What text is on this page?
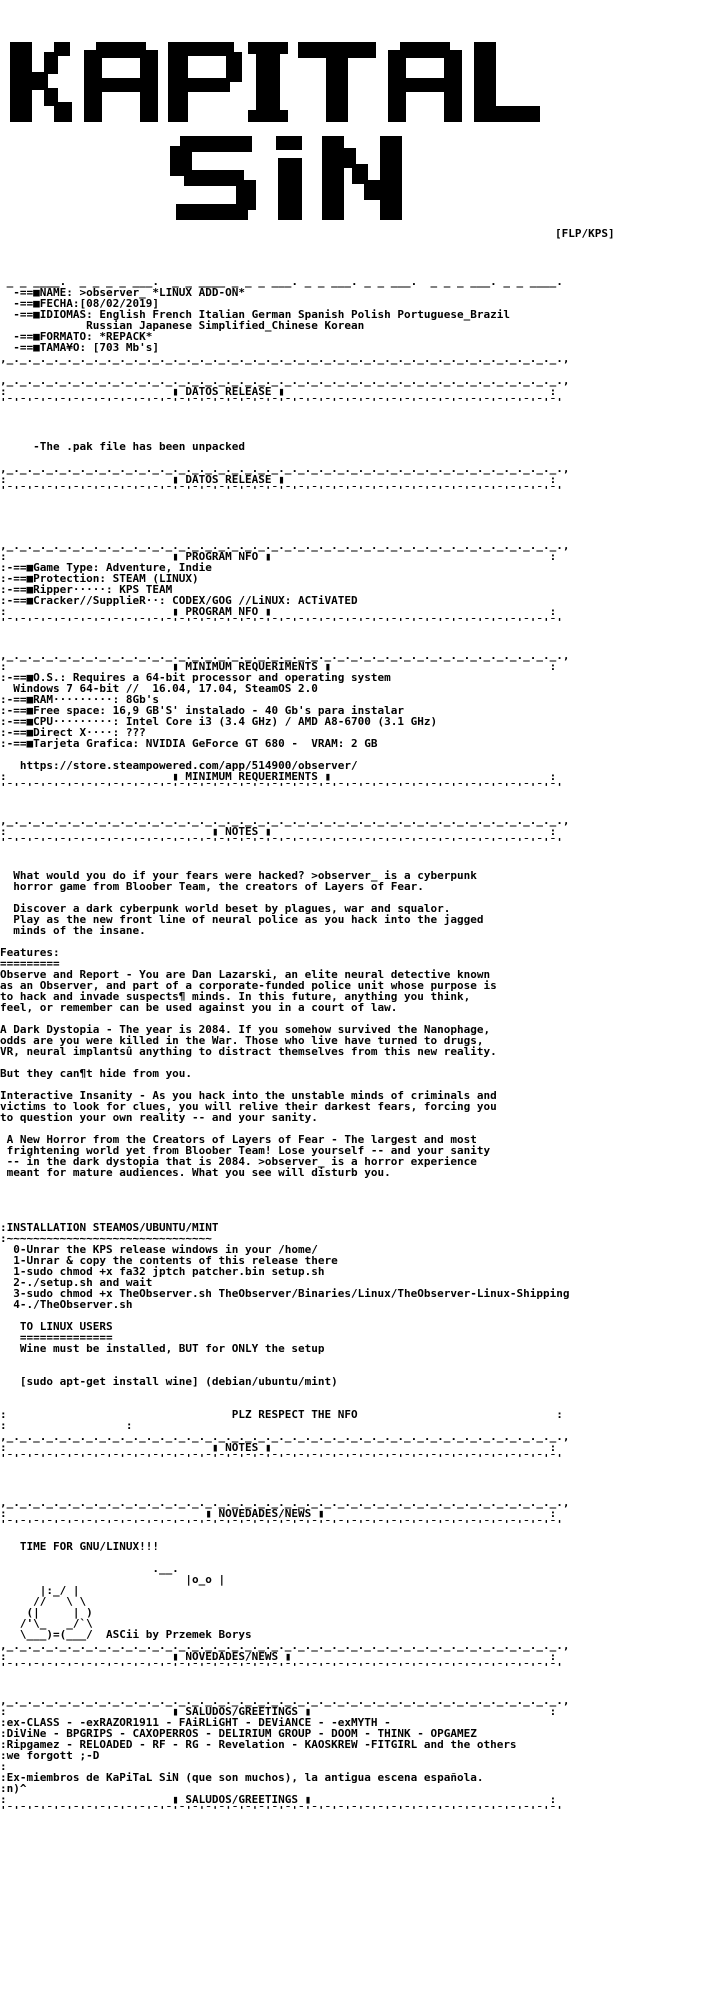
[FLP/KPS]
_ _ ____.  _ _ _ _ ___.  _ _ ____ _ _ _ ___. _ _ ___. _ _ ___.  _ _ _ ___. _ _ ____.
-==■NAME: >observer_ *LINUX ADD-ON*
-==■FECHA:[08/02/2019]
-==■IDIOMAS: English French Italian German Spanish Polish Portuguese_Brazil
Russian Japanese Simplified_Chinese Korean
-==■FORMATO: *REPACK*
-==■TAMA¥O: [703 Mb's]
,_._._._._._._._._._._._._._._._._._._._._._._._._._._._._._._._._._._._._._._._._._.,

,_._._._._._._._._._._._._._._._._._._._._._._._._._._._._._._._._._._._._._._._._._.,
:                         ▮ DATOS RELEASE ▮                                        :
'¯'¯'¯'¯'¯'¯'¯'¯'¯'¯'¯'¯'¯'¯'¯'¯'¯'¯'¯'¯'¯'¯'¯'¯'¯'¯'¯'¯'¯'¯'¯'¯'¯'¯'¯'¯'¯'¯'¯'¯'¯'¯'

-The .pak file has been unpacked

,_._._._._._._._._._._._._._._._._._._._._._._._._._._._._._._._._._._._._._._._._._.,
:                         ▮ DATOS RELEASE ▮                                        :
'¯'¯'¯'¯'¯'¯'¯'¯'¯'¯'¯'¯'¯'¯'¯'¯'¯'¯'¯'¯'¯'¯'¯'¯'¯'¯'¯'¯'¯'¯'¯'¯'¯'¯'¯'¯'¯'¯'¯'¯'¯'¯'

,_._._._._._._._._._._._._._._._._._._._._._._._._._._._._._._._._._._._._._._._._._.,
:                         ▮ PROGRAM NFO ▮                                          :
:-==■Game Type: Adventure, Indie
:-==■Protection: STEAM (LINUX)
:-==■Ripper·····: KPS TEAM
:-==■Cracker//SupplieR··: CODEX/GOG //LiNUX: ACTiVATED
:                         ▮ PROGRAM NFO ▮                                          :
'¯'¯'¯'¯'¯'¯'¯'¯'¯'¯'¯'¯'¯'¯'¯'¯'¯'¯'¯'¯'¯'¯'¯'¯'¯'¯'¯'¯'¯'¯'¯'¯'¯'¯'¯'¯'¯'¯'¯'¯'¯'¯'

,_._._._._._._._._._._._._._._._._._._._._._._._._._._._._._._._._._._._._._._._._._.,
:                         ▮ MINIMUM REQUERIMENTS ▮                                 :
:-==■O.S.: Requires a 64-bit processor and operating system
Windows 7 64-bit //  16.04, 17.04, SteamOS 2.0
:-==■RAM·········: 8Gb's
:-==■Free space: 16,9 GB'S' instalado - 40 Gb's para instalar
:-==■CPU·········: Intel Core i3 (3.4 GHz) / AMD A8-6700 (3.1 GHz)
:-==■Direct X····: ???
:-==■Tarjeta Grafica: NVIDIA GeForce GT 680 -  VRAM: 2 GB

https://store.steampowered.com/app/514900/observer/
:                         ▮ MINIMUM REQUERIMENTS ▮                                 :
'¯'¯'¯'¯'¯'¯'¯'¯'¯'¯'¯'¯'¯'¯'¯'¯'¯'¯'¯'¯'¯'¯'¯'¯'¯'¯'¯'¯'¯'¯'¯'¯'¯'¯'¯'¯'¯'¯'¯'¯'¯'¯'

,_._._._._._._._._._._._._._._._._._._._._._._._._._._._._._._._._._._._._._._._._._.,
:                               ▮ NOTES ▮                                          :
'¯'¯'¯'¯'¯'¯'¯'¯'¯'¯'¯'¯'¯'¯'¯'¯'¯'¯'¯'¯'¯'¯'¯'¯'¯'¯'¯'¯'¯'¯'¯'¯'¯'¯'¯'¯'¯'¯'¯'¯'¯'¯'

What would you do if your fears were hacked? >observer_ is a cyberpunk
horror game from Bloober Team, the creators of Layers of Fear.

Discover a dark cyberpunk world beset by plagues, war and squalor.
Play as the new front line of neural police as you hack into the jagged
minds of the insane.

Features:
=========
Observe and Report - You are Dan Lazarski, an elite neural detective known
as an Observer, and part of a corporate-funded police unit whose purpose is
to hack and invade suspects¶ minds. In this future, anything you think,
feel, or remember can be used against you in a court of law.

A Dark Dystopia - The year is 2084. If you somehow survived the Nanophage,
odds are you were killed in the War. Those who live have turned to drugs,
VR, neural implantsû anything to distract themselves from this new reality.

But they can¶t hide from you.

Interactive Insanity - As you hack into the unstable minds of criminals and
victims to look for clues, you will relive their darkest fears, forcing you
to question your own reality -- and your sanity.

A New Horror from the Creators of Layers of Fear - The largest and most
frightening world yet from Bloober Team! Lose yourself -- and your sanity
-- in the dark dystopia that is 2084. >observer_ is a horror experience
meant for mature audiences. What you see will disturb you.

:INSTALLATION STEAMOS/UBUNTU/MINT
:~~~~~~~~~~~~~~~~~~~~~~~~~~~~~~~
0-Unrar the KPS release windows in your /home/
1-Unrar & copy the contents of this release there
1-sudo chmod +x fa32 jptch patcher.bin setup.sh
2-./setup.sh and wait
3-sudo chmod +x TheObserver.sh TheObserver/Binaries/Linux/TheObserver-Linux-Shipping
4-./TheObserver.sh

TO LINUX USERS
==============
Wine must be installed, BUT for ONLY the setup

[sudo apt-get install wine] (debian/ubuntu/mint)

:                                  PLZ RESPECT THE NFO                              :
:                  :
,_._._._._._._._._._._._._._._._._._._._._._._._._._._._._._._._._._._._._._._._._._.,
:                               ▮ NOTES ▮                                          :
'¯'¯'¯'¯'¯'¯'¯'¯'¯'¯'¯'¯'¯'¯'¯'¯'¯'¯'¯'¯'¯'¯'¯'¯'¯'¯'¯'¯'¯'¯'¯'¯'¯'¯'¯'¯'¯'¯'¯'¯'¯'¯'

,_._._._._._._._._._._._._._._._._._._._._._._._._._._._._._._._._._._._._._._._._._.,
:                              ▮ NOVEDADES/NEWS ▮                                  :
'¯'¯'¯'¯'¯'¯'¯'¯'¯'¯'¯'¯'¯'¯'¯'¯'¯'¯'¯'¯'¯'¯'¯'¯'¯'¯'¯'¯'¯'¯'¯'¯'¯'¯'¯'¯'¯'¯'¯'¯'¯'¯'

TIME FOR GNU/LINUX!!!

.__.
|o_o |
|:_/ |
//   \ \
(|     | )
/'\_   _/`\
\___)=(___/  ASCii by Przemek Borys
,_._._._._._._._._._._._._._._._._._._._._._._._._._._._._._._._._._._._._._._._._._.,
:                         ▮ NOVEDADES/NEWS ▮                                       :
'¯'¯'¯'¯'¯'¯'¯'¯'¯'¯'¯'¯'¯'¯'¯'¯'¯'¯'¯'¯'¯'¯'¯'¯'¯'¯'¯'¯'¯'¯'¯'¯'¯'¯'¯'¯'¯'¯'¯'¯'¯'¯'

,_._._._._._._._._._._._._._._._._._._._._._._._._._._._._._._._._._._._._._._._._._.,
:                         ▮ SALUDOS/GREETINGS ▮                                    :
:ex-CLASS - -exRAZOR1911 - FAiRLiGHT - DEViANCE - -exMYTH -
:DiViNe - BPGRIPS - CAXOPERROS - DELIRIUM GROUP - DOOM - THINK - OPGAMEZ
:Ripgamez - RELOADED - RF - RG - Revelation - KAOSKREW -FITGIRL and the others
:we forgott ;-D
:
:Ex-miembros de KaPiTaL SiN (que son muchos), la antigua escena española.
:n)^
:                         ▮ SALUDOS/GREETINGS ▮                                    :
'¯'¯'¯'¯'¯'¯'¯'¯'¯'¯'¯'¯'¯'¯'¯'¯'¯'¯'¯'¯'¯'¯'¯'¯'¯'¯'¯'¯'¯'¯'¯'¯'¯'¯'¯'¯'¯'¯'¯'¯'¯'¯'
